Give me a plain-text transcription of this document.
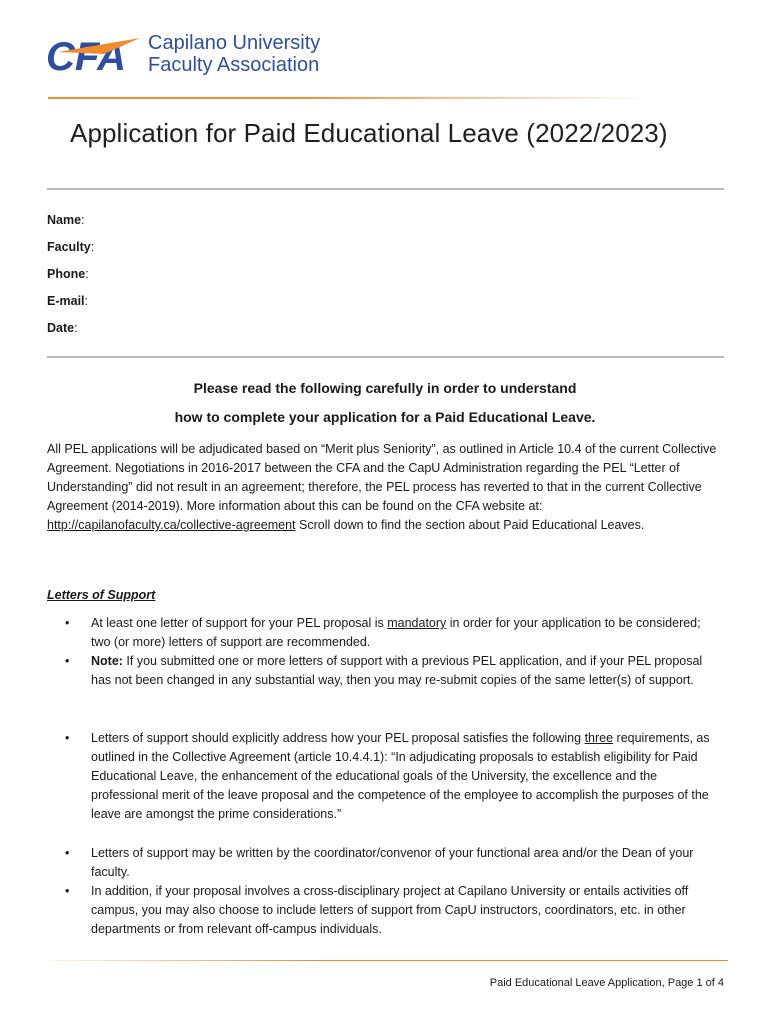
CFA Capilano University
Faculty Association
Application for Paid Educational Leave (2022/2023)
Name:
Faculty:
Phone:
E-mail:
Date:
Please read the following carefully in order to understand
how to complete your application for a Paid Educational Leave.
All PEL applications will be adjudicated based on “Merit plus Seniority”, as outlined in Article 10.4 of the current Collective Agreement. Negotiations in 2016-2017 between the CFA and the CapU Administration regarding the PEL “Letter of Understanding” did not result in an agreement; therefore, the PEL process has reverted to that in the current Collective Agreement (2014-2019). More information about this can be found on the CFA website at: http://capilanofaculty.ca/collective-agreement Scroll down to find the section about Paid Educational Leaves.
Letters of Support
• At least one letter of support for your PEL proposal is mandatory in order for your application to be considered; two (or more) letters of support are recommended.
• Note: If you submitted one or more letters of support with a previous PEL application, and if your PEL proposal has not been changed in any substantial way, then you may re-submit copies of the same letter(s) of support.
• Letters of support should explicitly address how your PEL proposal satisfies the following three requirements, as outlined in the Collective Agreement (article 10.4.4.1): “In adjudicating proposals to establish eligibility for Paid Educational Leave, the enhancement of the educational goals of the University, the excellence and the professional merit of the leave proposal and the competence of the employee to accomplish the purposes of the leave are amongst the prime considerations.”
• Letters of support may be written by the coordinator/convenor of your functional area and/or the Dean of your faculty.
• In addition, if your proposal involves a cross-disciplinary project at Capilano University or entails activities off campus, you may also choose to include letters of support from CapU instructors, coordinators, etc. in other departments or from relevant off-campus individuals.
Paid Educational Leave Application, Page 1 of 4
